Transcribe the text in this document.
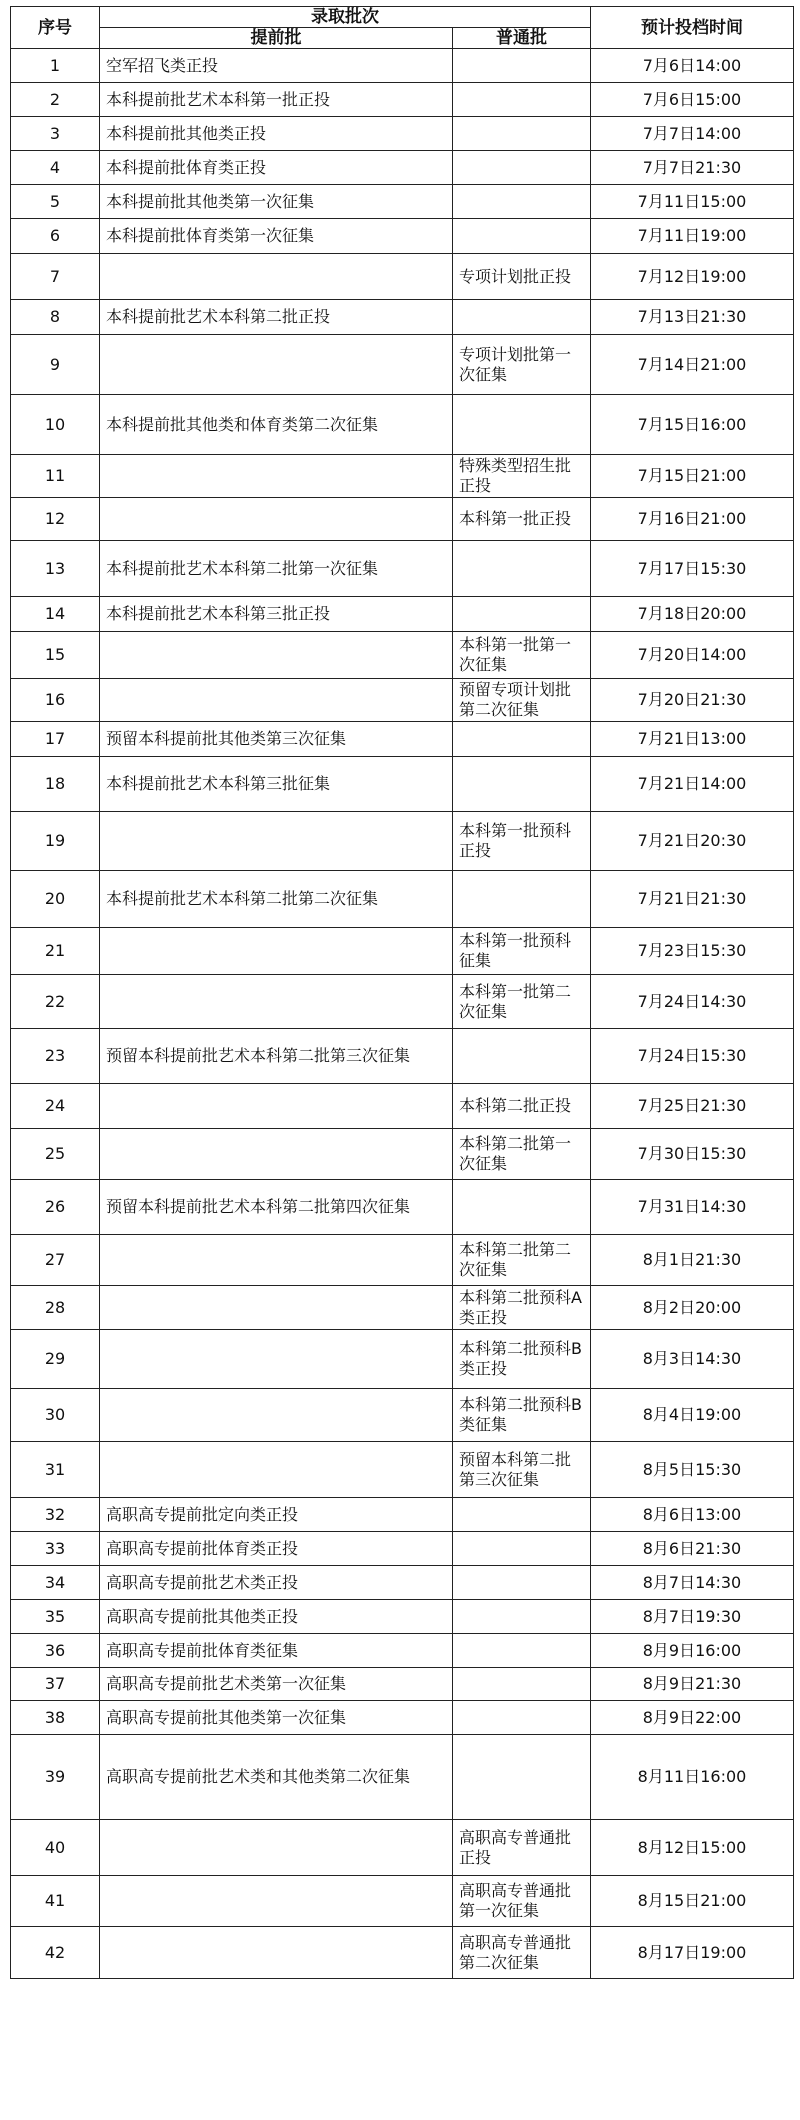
序号	录取批次		预计投档时间
	提前批	普通批	
1	空军招飞类正投		7月6日14:00
2	本科提前批艺术本科第一批正投		7月6日15:00
3	本科提前批其他类正投		7月7日14:00
4	本科提前批体育类正投		7月7日21:30
5	本科提前批其他类第一次征集		7月11日15:00
6	本科提前批体育类第一次征集		7月11日19:00
7		专项计划批正投	7月12日19:00
8	本科提前批艺术本科第二批正投		7月13日21:30
9		专项计划批第一次征集	7月14日21:00
10	本科提前批其他类和体育类第二次征集		7月15日16:00
11		特殊类型招生批正投	7月15日21:00
12		本科第一批正投	7月16日21:00
13	本科提前批艺术本科第二批第一次征集		7月17日15:30
14	本科提前批艺术本科第三批正投		7月18日20:00
15		本科第一批第一次征集	7月20日14:00
16		预留专项计划批第二次征集	7月20日21:30
17	预留本科提前批其他类第三次征集		7月21日13:00
18	本科提前批艺术本科第三批征集		7月21日14:00
19		本科第一批预科正投	7月21日20:30
20	本科提前批艺术本科第二批第二次征集		7月21日21:30
21		本科第一批预科征集	7月23日15:30
22		本科第一批第二次征集	7月24日14:30
23	预留本科提前批艺术本科第二批第三次征集		7月24日15:30
24		本科第二批正投	7月25日21:30
25		本科第二批第一次征集	7月30日15:30
26	预留本科提前批艺术本科第二批第四次征集		7月31日14:30
27		本科第二批第二次征集	8月1日21:30
28		本科第二批预科A类正投	8月2日20:00
29		本科第二批预科B类正投	8月3日14:30
30		本科第二批预科B类征集	8月4日19:00
31		预留本科第二批第三次征集	8月5日15:30
32	高职高专提前批定向类正投		8月6日13:00
33	高职高专提前批体育类正投		8月6日21:30
34	高职高专提前批艺术类正投		8月7日14:30
35	高职高专提前批其他类正投		8月7日19:30
36	高职高专提前批体育类征集		8月9日16:00
37	高职高专提前批艺术类第一次征集		8月9日21:30
38	高职高专提前批其他类第一次征集		8月9日22:00
39	高职高专提前批艺术类和其他类第二次征集		8月11日16:00
40		高职高专普通批正投	8月12日15:00
41		高职高专普通批第一次征集	8月15日21:00
42		高职高专普通批第二次征集	8月17日19:00
